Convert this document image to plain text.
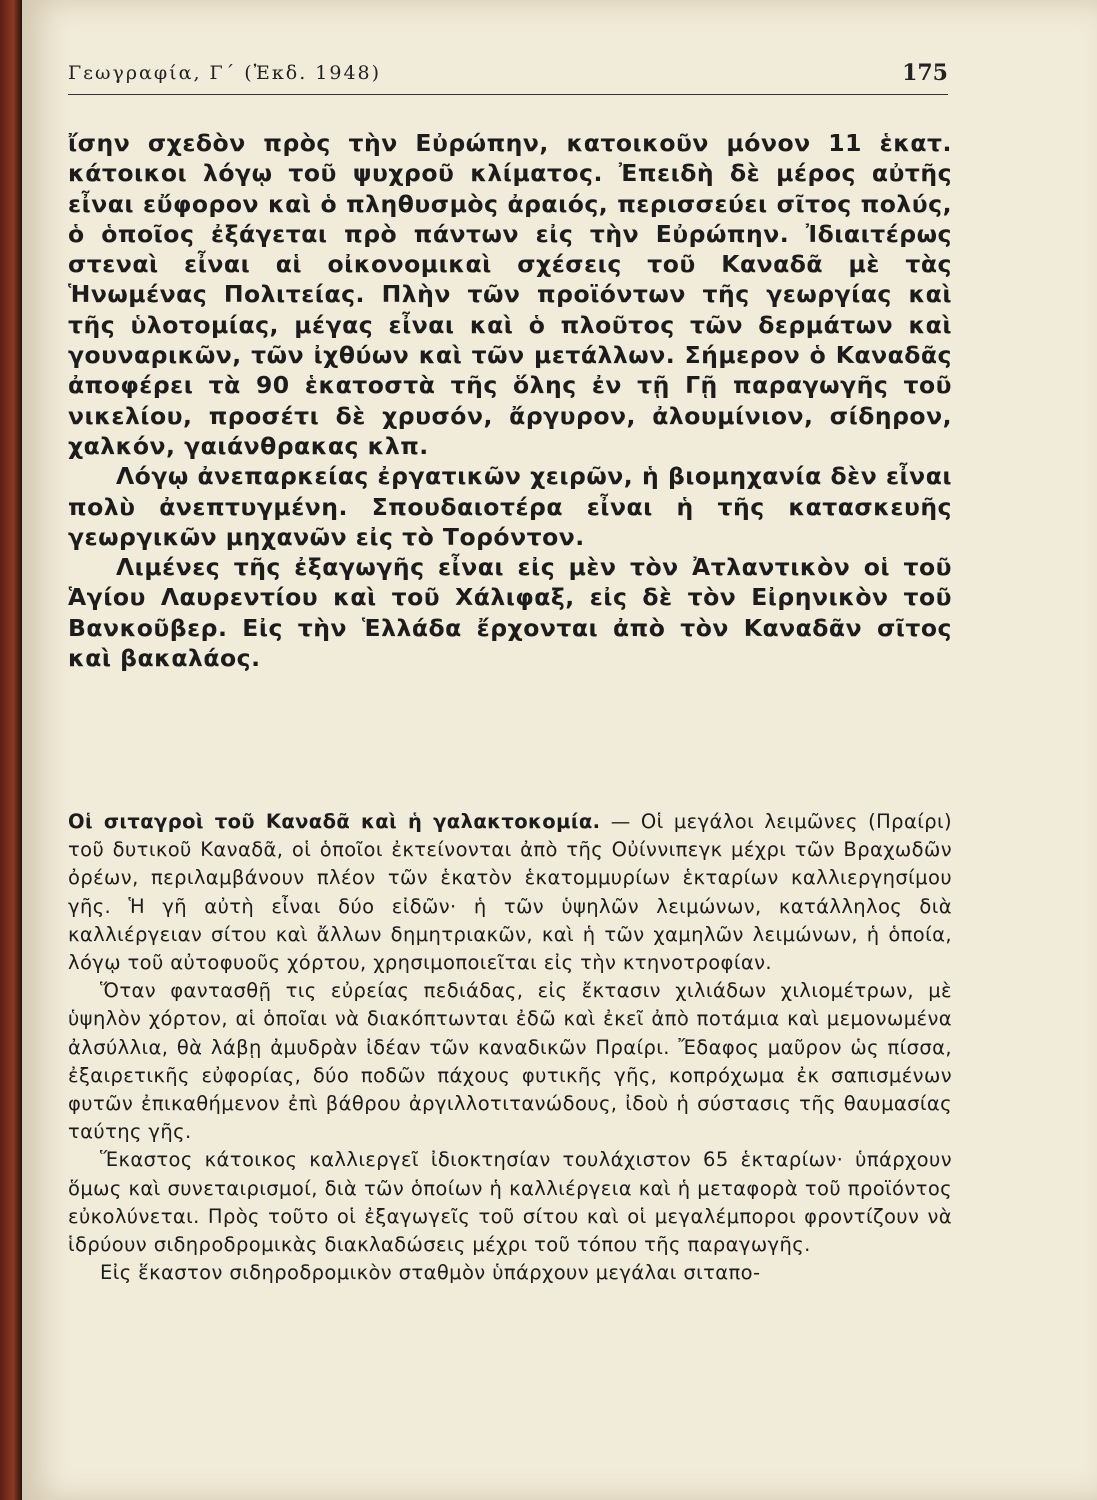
Γεωγραφία, Γ΄ (Ἐκδ. 1948)	175

ἴσην σχεδὸν πρὸς τὴν Εὐρώπην, κατοικοῦν μόνον 11 ἑκατ. κάτοικοι λόγῳ τοῦ ψυχροῦ κλίματος. Ἐπειδὴ δὲ μέρος αὐτῆς εἶναι εὔφορον καὶ ὁ πληθυσμὸς ἀραιός, περισσεύει σῖτος πολύς, ὁ ὁποῖος ἐξάγεται πρὸ πάντων εἰς τὴν Εὐρώπην. Ἰδιαιτέρως στεναὶ εἶναι αἱ οἰκονομικαὶ σχέσεις τοῦ Καναδᾶ μὲ τὰς Ἡνωμένας Πολιτείας. Πλὴν τῶν προϊόντων τῆς γεωργίας καὶ τῆς ὑλοτομίας, μέγας εἶναι καὶ ὁ πλοῦτος τῶν δερμάτων καὶ γουναρικῶν, τῶν ἰχθύων καὶ τῶν μετάλλων. Σήμερον ὁ Καναδᾶς ἀποφέρει τὰ 90 ἑκατοστὰ τῆς ὅλης ἐν τῇ Γῇ παραγωγῆς τοῦ νικελίου, προσέτι δὲ χρυσόν, ἄργυρον, ἀλουμίνιον, σίδηρον, χαλκόν, γαιάνθρακας κλπ.

Λόγῳ ἀνεπαρκείας ἐργατικῶν χειρῶν, ἡ βιομηχανία δὲν εἶναι πολὺ ἀνεπτυγμένη. Σπουδαιοτέρα εἶναι ἡ τῆς κατασκευῆς γεωργικῶν μηχανῶν εἰς τὸ Τορόντον.

Λιμένες τῆς ἐξαγωγῆς εἶναι εἰς μὲν τὸν Ἀτλαντικὸν οἱ τοῦ Ἁγίου Λαυρεντίου καὶ τοῦ Χάλιφαξ, εἰς δὲ τὸν Εἰρηνικὸν τοῦ Βανκοῦβερ. Εἰς τὴν Ἑλλάδα ἔρχονται ἀπὸ τὸν Καναδᾶν σῖτος καὶ βακαλάος.

Οἱ σιταγροὶ τοῦ Καναδᾶ καὶ ἡ γαλακτοκομία. — Οἱ μεγάλοι λειμῶνες (Πραίρι) τοῦ δυτικοῦ Καναδᾶ, οἱ ὁποῖοι ἐκτείνονται ἀπὸ τῆς Οὐίννιπεγκ μέχρι τῶν Βραχωδῶν ὀρέων, περιλαμβάνουν πλέον τῶν ἑκατὸν ἑκατομμυρίων ἑκταρίων καλλιεργησίμου γῆς. Ἡ γῆ αὐτὴ εἶναι δύο εἰδῶν· ἡ τῶν ὑψηλῶν λειμώνων, κατάλληλος διὰ καλλιέργειαν σίτου καὶ ἄλλων δημητριακῶν, καὶ ἡ τῶν χαμηλῶν λειμώνων, ἡ ὁποία, λόγῳ τοῦ αὐτοφυοῦς χόρτου, χρησιμοποιεῖται εἰς τὴν κτηνοτροφίαν.

Ὅταν φαντασθῇ τις εὐρείας πεδιάδας, εἰς ἔκτασιν χιλιάδων χιλιομέτρων, μὲ ὑψηλὸν χόρτον, αἱ ὁποῖαι νὰ διακόπτωνται ἐδῶ καὶ ἐκεῖ ἀπὸ ποτάμια καὶ μεμονωμένα ἀλσύλλια, θὰ λάβῃ ἀμυδρὰν ἰδέαν τῶν καναδικῶν Πραίρι. Ἔδαφος μαῦρον ὡς πίσσα, ἐξαιρετικῆς εὐφορίας, δύο ποδῶν πάχους φυτικῆς γῆς, κοπρόχωμα ἐκ σαπισμένων φυτῶν ἐπικαθήμενον ἐπὶ βάθρου ἀργιλλοτιτανώδους, ἰδοὺ ἡ σύστασις τῆς θαυμασίας ταύτης γῆς.

Ἕκαστος κάτοικος καλλιεργεῖ ἰδιοκτησίαν τουλάχιστον 65 ἑκταρίων· ὑπάρχουν ὅμως καὶ συνεταιρισμοί, διὰ τῶν ὁποίων ἡ καλλιέργεια καὶ ἡ μεταφορὰ τοῦ προϊόντος εὐκολύνεται. Πρὸς τοῦτο οἱ ἐξαγωγεῖς τοῦ σίτου καὶ οἱ μεγαλέμποροι φροντίζουν νὰ ἱδρύουν σιδηροδρομικὰς διακλαδώσεις μέχρι τοῦ τόπου τῆς παραγωγῆς.

Εἰς ἕκαστον σιδηροδρομικὸν σταθμὸν ὑπάρχουν μεγάλαι σιταπο-
